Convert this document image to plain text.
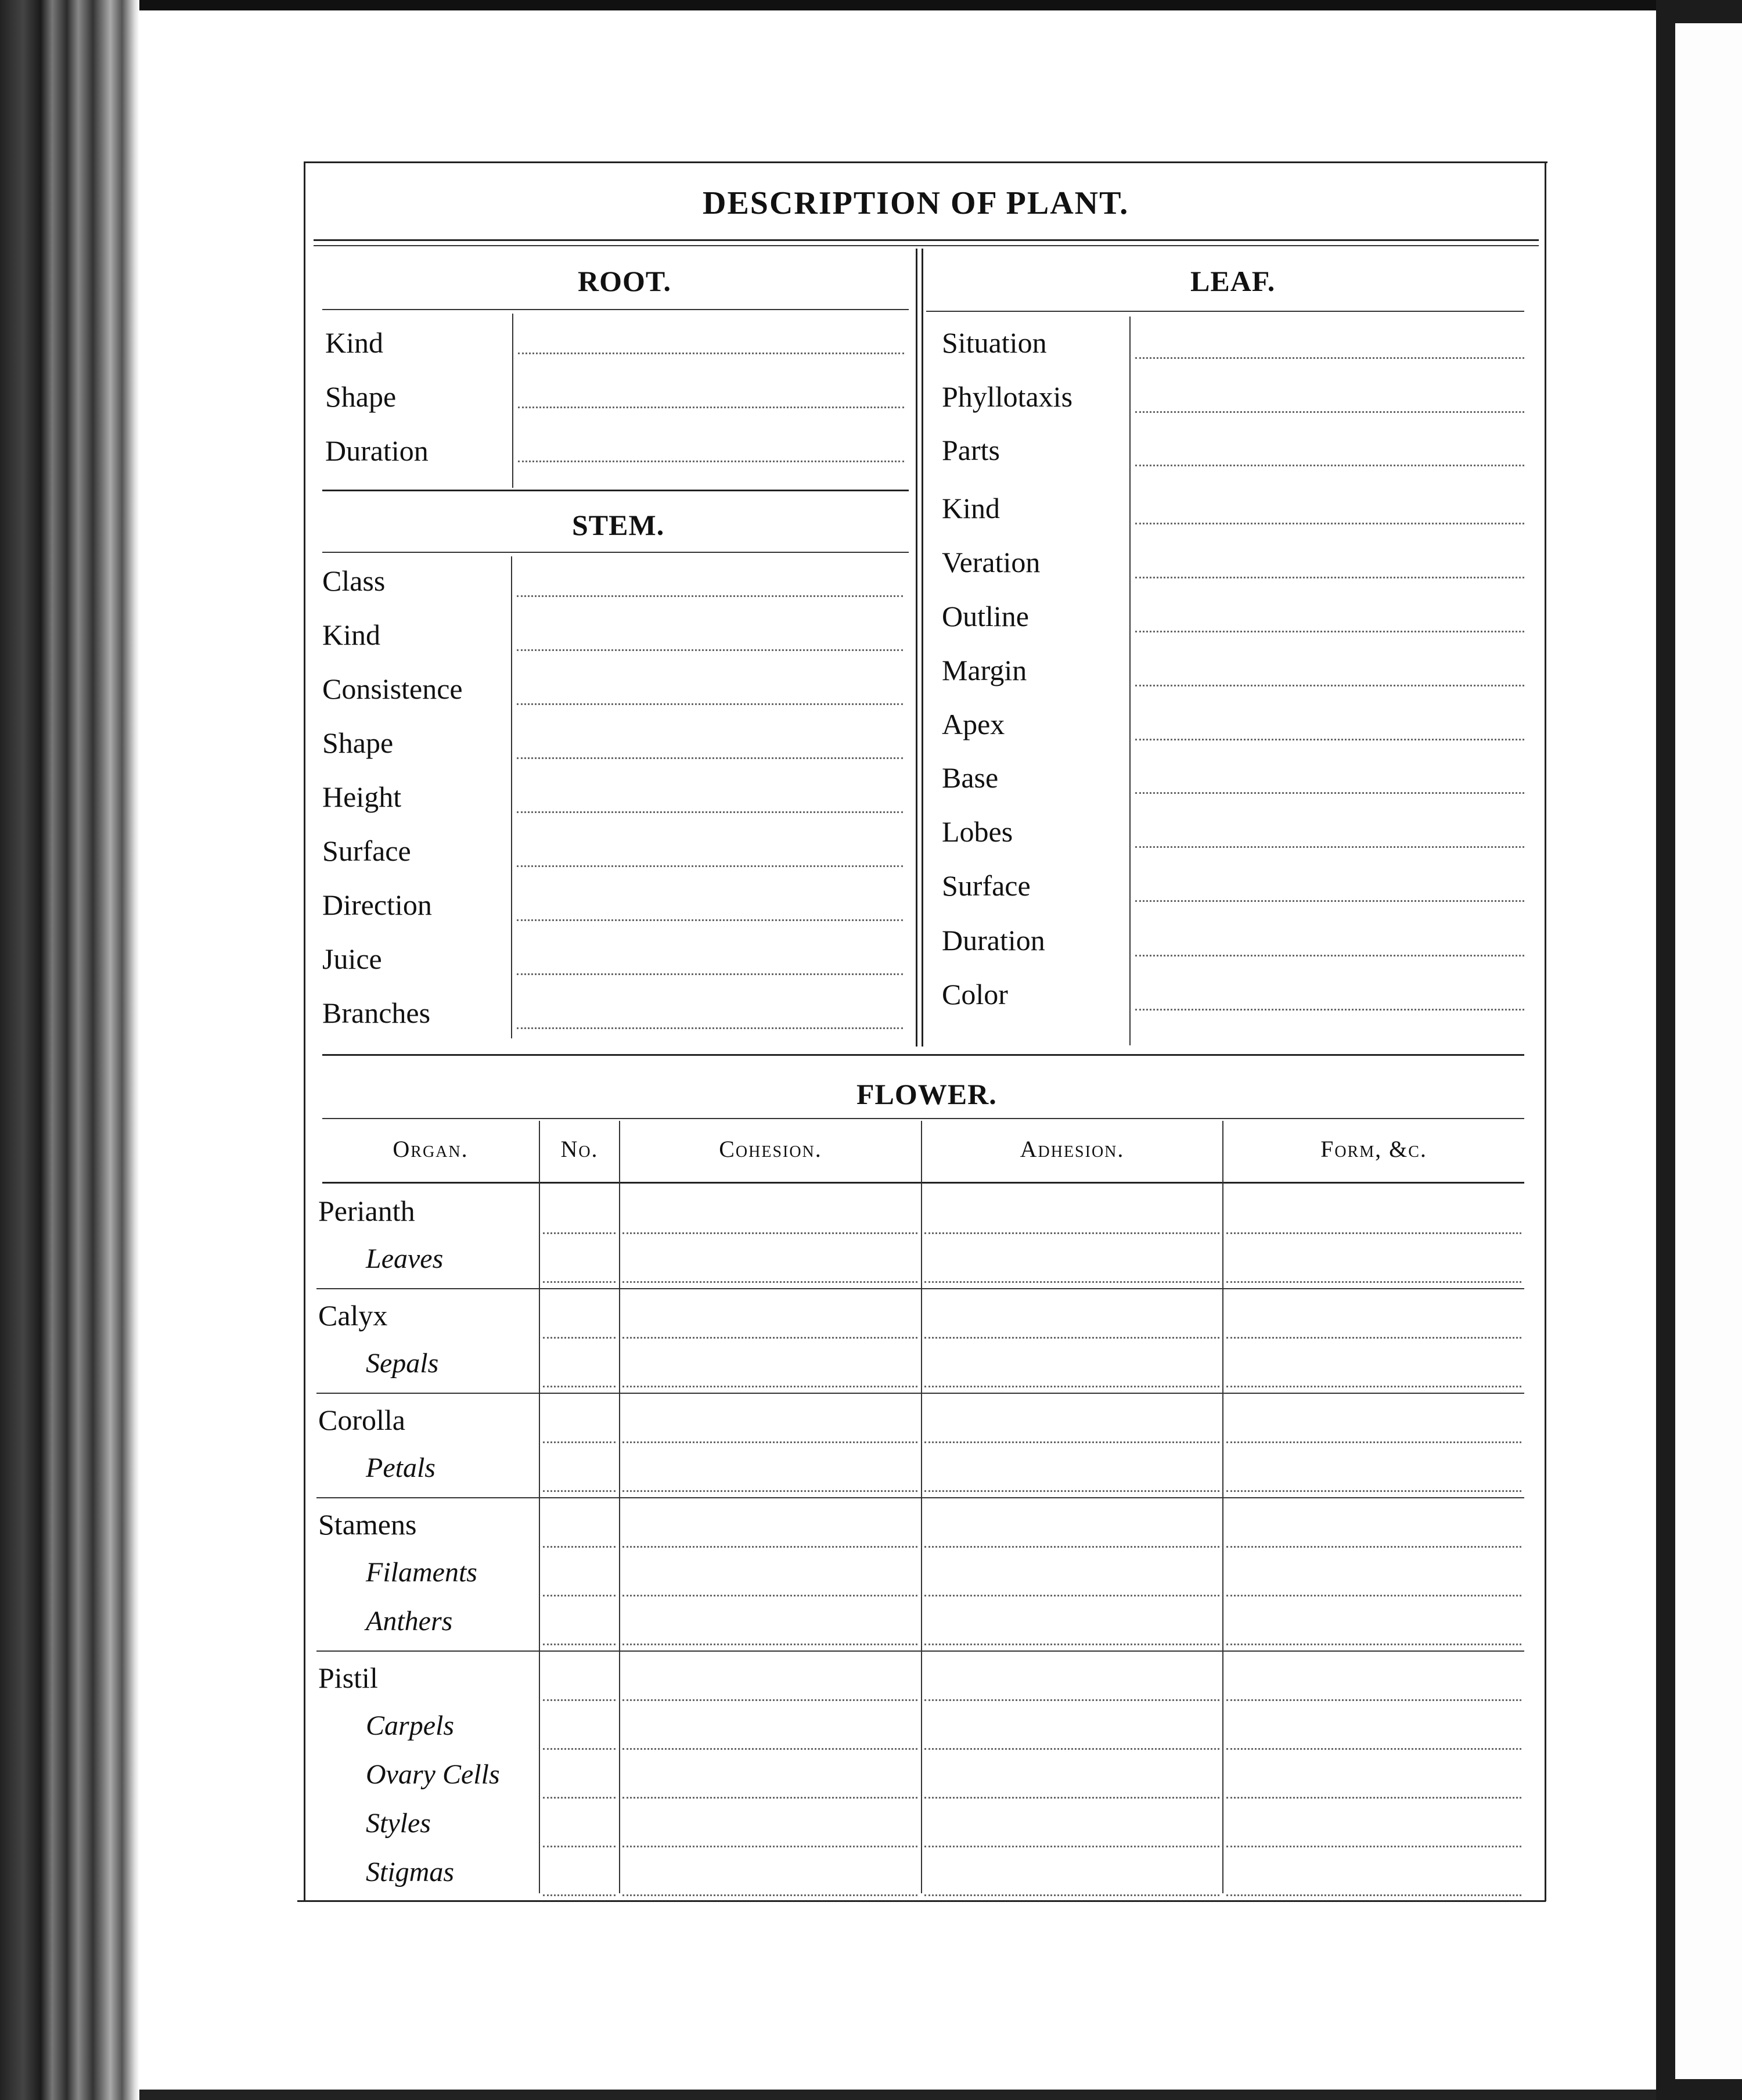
DESCRIPTION OF PLANT.
ROOT.
Kind
Shape
Duration
STEM.
Class
Kind
Consistence
Shape
Height
Surface
Direction
Juice
Branches
LEAF.
Situation
Phyllotaxis
Parts
Kind
Veration
Outline
Margin
Apex
Base
Lobes
Surface
Duration
Color
FLOWER.
Organ.	No.	Cohesion.	Adhesion.	Form, &c.
Perianth
Leaves
Calyx
Sepals
Corolla
Petals
Stamens
Filaments
Anthers
Pistil
Carpels
Ovary Cells
Styles
Stigmas
